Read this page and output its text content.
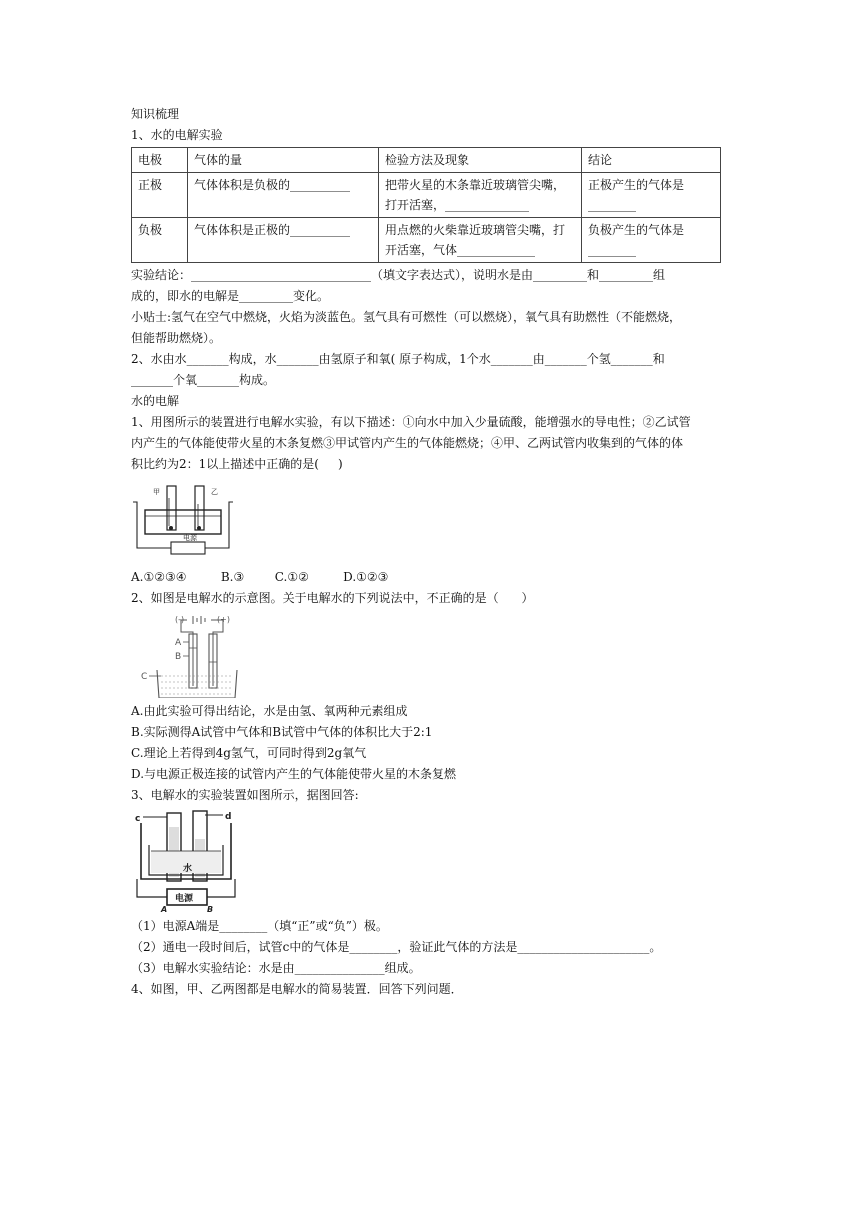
知识梳理

1、水的电解实验

电极	气体的量	检验方法及现象	结论
正极	气体体积是负极的__________	把带火星的木条靠近玻璃管尖嘴，打开活塞，______________	正极产生的气体是________
负极	气体体积是正极的__________	用点燃的火柴靠近玻璃管尖嘴，打开活塞，气体_____________	负极产生的气体是________

实验结论：______________________________（填文字表达式），说明水是由_________和_________组

成的，即水的电解是_________变化。

小贴士:氢气在空气中燃烧，火焰为淡蓝色。氢气具有可燃性（可以燃烧），氧气具有助燃性（不能燃烧，

但能帮助燃烧）。

2、水由水_______构成，水_______由氢原子和氧( 原子构成，1个水_______由_______个氢_______和

_______个氧_______构成。

水的电解

1、用图所示的装置进行电解水实验，有以下描述：①向水中加入少量硫酸，能增强水的导电性；②乙试管

内产生的气体能使带火星的木条复燃③甲试管内产生的气体能燃烧；④甲、乙两试管内收集到的气体的体

积比约为2：1以上描述中正确的是(     )

电源
甲	乙

A.①②③④         B.③        C.①②         D.①②③

2、如图是电解水的示意图。关于电解水的下列说法中，不正确的是（      ）

(-)	(+)
A
B
C

A.由此实验可得出结论，水是由氢、氧两种元素组成

B.实际测得A试管中气体和B试管中气体的体积比大于2:1

C.理论上若得到4g氢气，可同时得到2g氧气

D.与电源正极连接的试管内产生的气体能使带火星的木条复燃

3、电解水的实验装置如图所示，据图回答:

c	d
水
电源
A	B

（1）电源A端是________（填“正”或“负”）极。

（2）通电一段时间后，试管c中的气体是________，验证此气体的方法是______________________。

（3）电解水实验结论：水是由_______________组成。

4、如图，甲、乙两图都是电解水的简易装置．回答下列问题．
